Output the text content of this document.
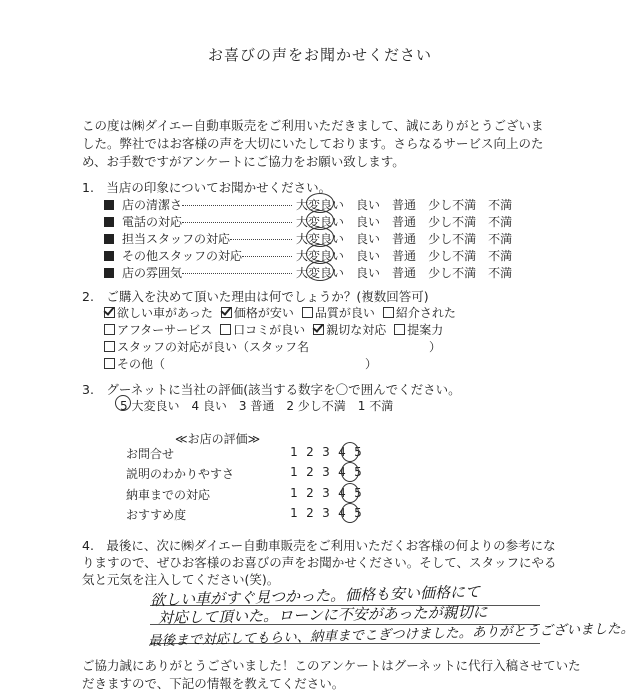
お喜びの声をお聞かせください
この度は㈱ダイエー自動車販売をご利用いただきまして、誠にありがとうございました。弊社ではお客様の声を大切にいたしております。さらなるサービス向上のため、お手数ですがアンケートにご協力をお願い致します。
1.　当店の印象についてお聞かせください。
店の清潔さ	大変良い 良い 普通 少し不満 不満
電話の対応	大変良い 良い 普通 少し不満 不満
担当スタッフの対応	大変良い 良い 普通 少し不満 不満
その他スタッフの対応	大変良い 良い 普通 少し不満 不満
店の雰囲気	大変良い 良い 普通 少し不満 不満
2.　ご購入を決めて頂いた理由は何でしょうか？(複数回答可)
欲しい車があった 価格が安い 品質が良い 紹介された
アフターサービス 口コミが良い 親切な対応 提案力
スタッフの対応が良い（スタッフ名	）
その他（	）
3.　グーネットに当社の評価(該当する数字を〇で囲んでください。
5 大変良い　4 良い　3 普通　2 少し不満　1 不満
≪お店の評価≫
お問合せ	1 2 3 4 5
説明のわかりやすさ	1 2 3 4 5
納車までの対応	1 2 3 4 5
おすすめ度	1 2 3 4 5
4.　最後に、次に㈱ダイエー自動車販売をご利用いただくお客様の何よりの参考になりますので、ぜひお客様のお喜びの声をお聞かせください。そして、スタッフにやる気と元気を注入してください(笑)。
欲しい車がすぐ見つかった。価格も安い価格にて
対応して頂いた。ローンに不安があったが親切に
最後まで対応してもらい、納車までこぎつけました。ありがとうございました。
ご協力誠にありがとうございました！このアンケートはグーネットに代行入稿させていただきますので、下記の情報を教えてください。
